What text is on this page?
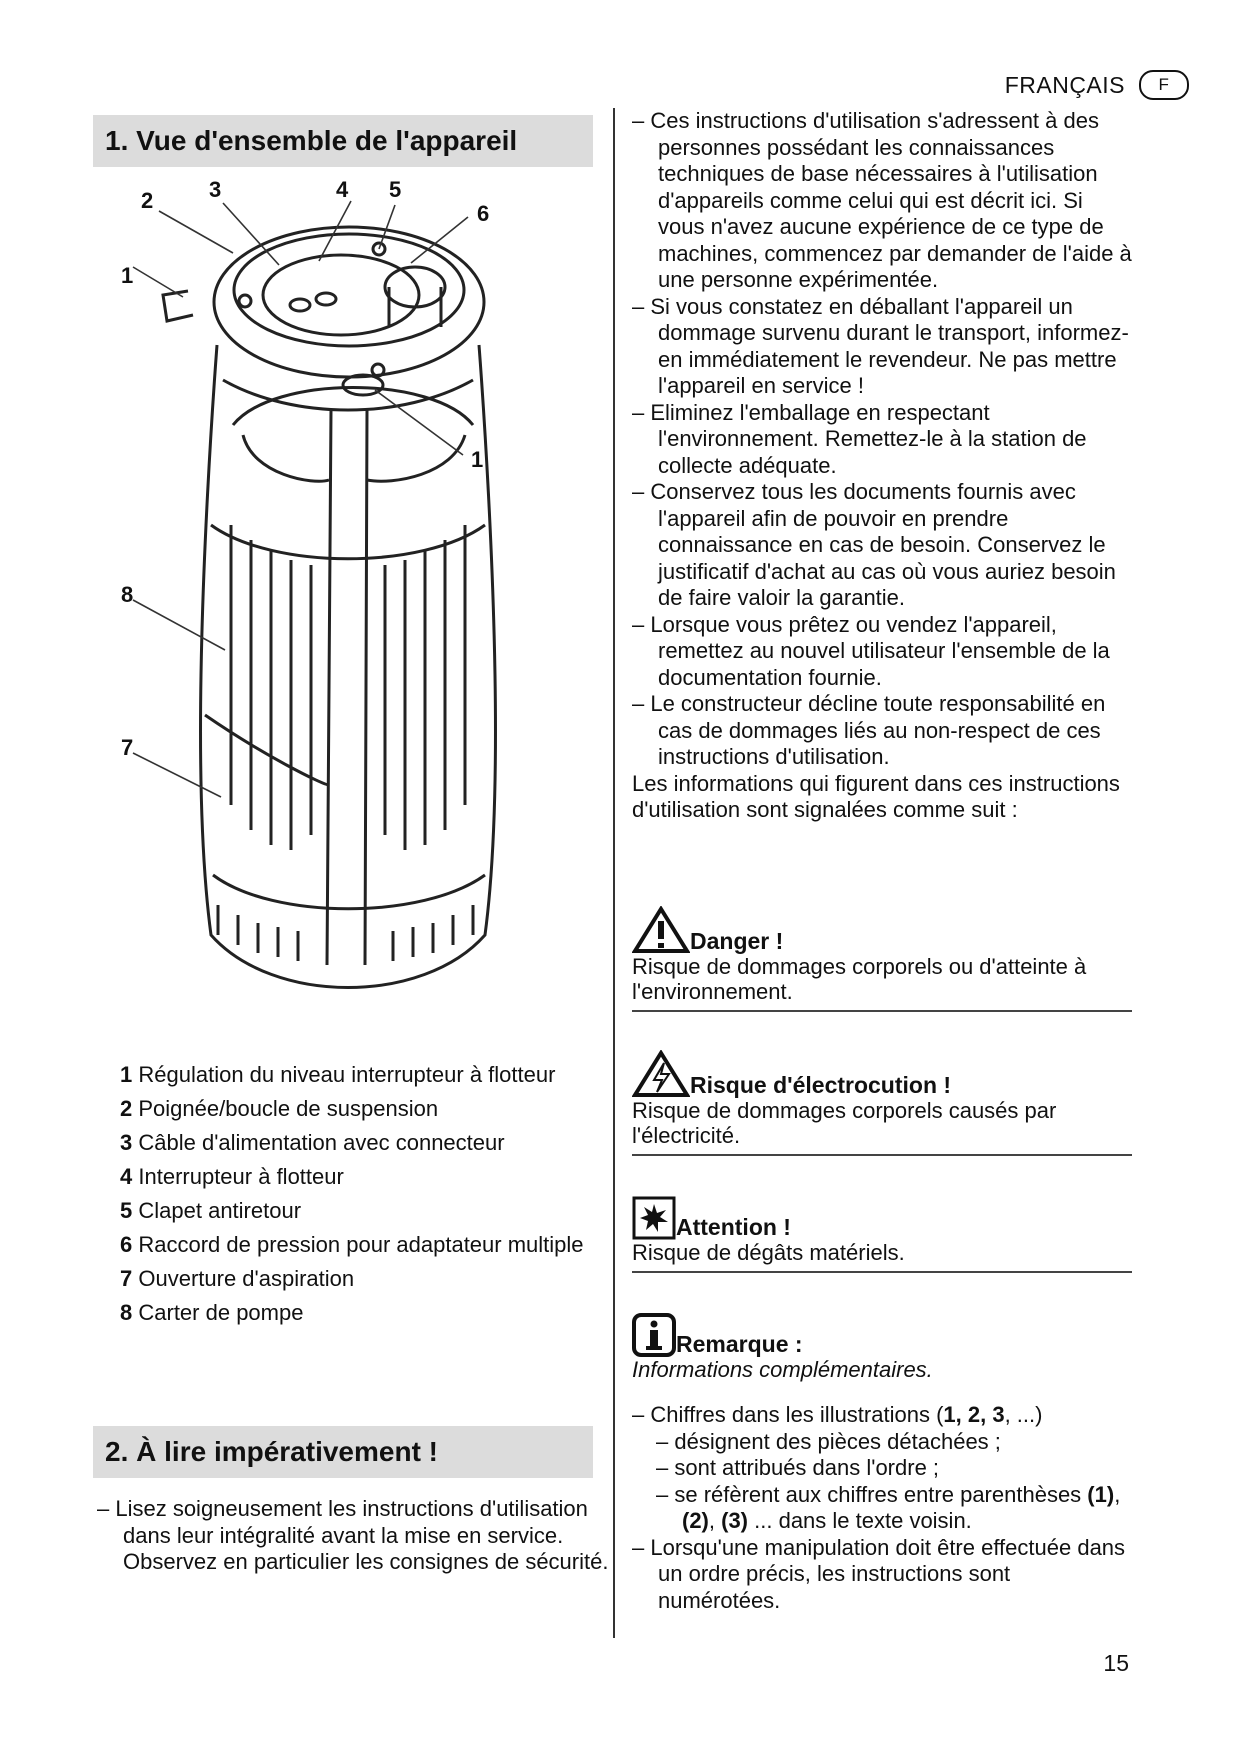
FRANÇAIS	F
1. Vue d'ensemble de l'appareil
2	3	4 5
6
1
1
8
7
1 Régulation du niveau interrupteur à flotteur
2 Poignée/boucle de suspension
3 Câble d'alimentation avec connecteur
4 Interrupteur à flotteur
5 Clapet antiretour
6 Raccord de pression pour adaptateur multiple
7 Ouverture d'aspiration
8 Carter de pompe
2. À lire impérativement !
– Lisez soigneusement les instructions d'utilisation dans leur intégralité avant la mise en service. Observez en particulier les consignes de sécurité.
– Ces instructions d'utilisation s'adressent à des personnes possédant les connaissances techniques de base nécessaires à l'utilisation d'appareils comme celui qui est décrit ici. Si vous n'avez aucune expérience de ce type de machines, commencez par demander de l'aide à une personne expérimentée.
– Si vous constatez en déballant l'appareil un dommage survenu durant le transport, informez-en immédiatement le revendeur. Ne pas mettre l'appareil en service !
– Eliminez l'emballage en respectant l'environnement. Remettez-le à la station de collecte adéquate.
– Conservez tous les documents fournis avec l'appareil afin de pouvoir en prendre connaissance en cas de besoin. Conservez le justificatif d'achat au cas où vous auriez besoin de faire valoir la garantie.
– Lorsque vous prêtez ou vendez l'appareil, remettez au nouvel utilisateur l'ensemble de la documentation fournie.
– Le constructeur décline toute responsabilité en cas de dommages liés au non-respect de ces instructions d'utilisation.
Les informations qui figurent dans ces instructions d'utilisation sont signalées comme suit :
Danger !
Risque de dommages corporels ou d'atteinte à l'environnement.
Risque d'électrocution !
Risque de dommages corporels causés par l'électricité.
Attention !
Risque de dégâts matériels.
Remarque :
Informations complémentaires.
– Chiffres dans les illustrations (1, 2, 3, ...)
– désignent des pièces détachées ;
– sont attribués dans l'ordre ;
– se réfèrent aux chiffres entre parenthèses (1), (2), (3) ... dans le texte voisin.
– Lorsqu'une manipulation doit être effectuée dans un ordre précis, les instructions sont numérotées.
15
